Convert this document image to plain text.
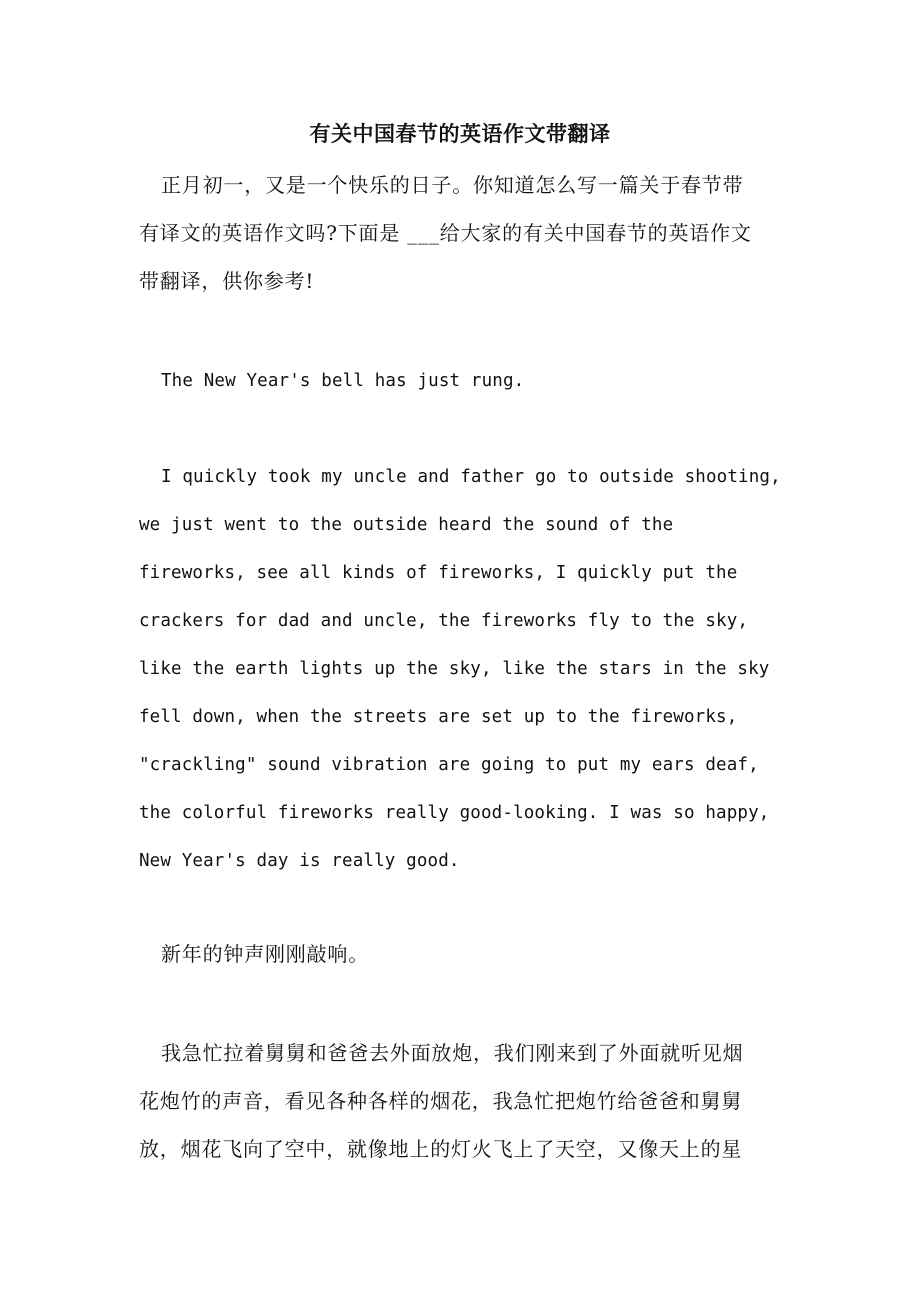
有关中国春节的英语作文带翻译
正月初一，又是一个快乐的日子。你知道怎么写一篇关于春节带
有译文的英语作文吗?下面是 ___给大家的有关中国春节的英语作文
带翻译，供你参考!
The New Year's bell has just rung.
I quickly took my uncle and father go to outside shooting,
we just went to the outside heard the sound of the
fireworks, see all kinds of fireworks, I quickly put the
crackers for dad and uncle, the fireworks fly to the sky,
like the earth lights up the sky, like the stars in the sky
fell down, when the streets are set up to the fireworks,
"crackling" sound vibration are going to put my ears deaf,
the colorful fireworks really good-looking. I was so happy,
New Year's day is really good.
新年的钟声刚刚敲响。
我急忙拉着舅舅和爸爸去外面放炮，我们刚来到了外面就听见烟
花炮竹的声音，看见各种各样的烟花，我急忙把炮竹给爸爸和舅舅
放，烟花飞向了空中，就像地上的灯火飞上了天空，又像天上的星
